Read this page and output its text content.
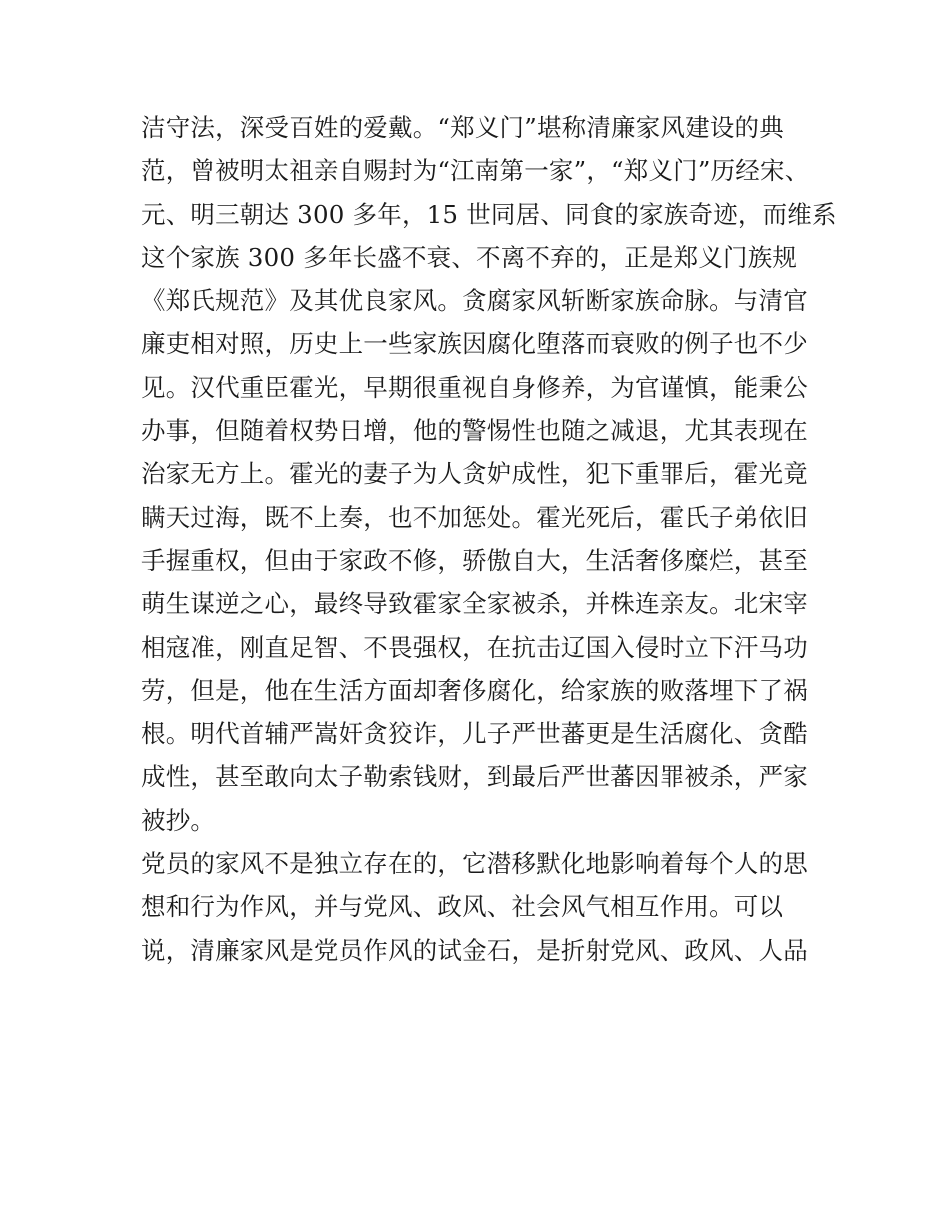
洁守法，深受百姓的爱戴。“郑义门”堪称清廉家风建设的典
范，曾被明太祖亲自赐封为“江南第一家”，“郑义门”历经宋、
元、明三朝达 300 多年，15 世同居、同食的家族奇迹，而维系
这个家族 300 多年长盛不衰、不离不弃的，正是郑义门族规
《郑氏规范》及其优良家风。贪腐家风斩断家族命脉。与清官
廉吏相对照，历史上一些家族因腐化堕落而衰败的例子也不少
见。汉代重臣霍光，早期很重视自身修养，为官谨慎，能秉公
办事，但随着权势日增，他的警惕性也随之减退，尤其表现在
治家无方上。霍光的妻子为人贪妒成性，犯下重罪后，霍光竟
瞒天过海，既不上奏，也不加惩处。霍光死后，霍氏子弟依旧
手握重权，但由于家政不修，骄傲自大，生活奢侈糜烂，甚至
萌生谋逆之心，最终导致霍家全家被杀，并株连亲友。北宋宰
相寇准，刚直足智、不畏强权，在抗击辽国入侵时立下汗马功
劳，但是，他在生活方面却奢侈腐化，给家族的败落埋下了祸
根。明代首辅严嵩奸贪狡诈，儿子严世蕃更是生活腐化、贪酷
成性，甚至敢向太子勒索钱财，到最后严世蕃因罪被杀，严家
被抄。
党员的家风不是独立存在的，它潜移默化地影响着每个人的思
想和行为作风，并与党风、政风、社会风气相互作用。可以
说，清廉家风是党员作风的试金石，是折射党风、政风、人品
